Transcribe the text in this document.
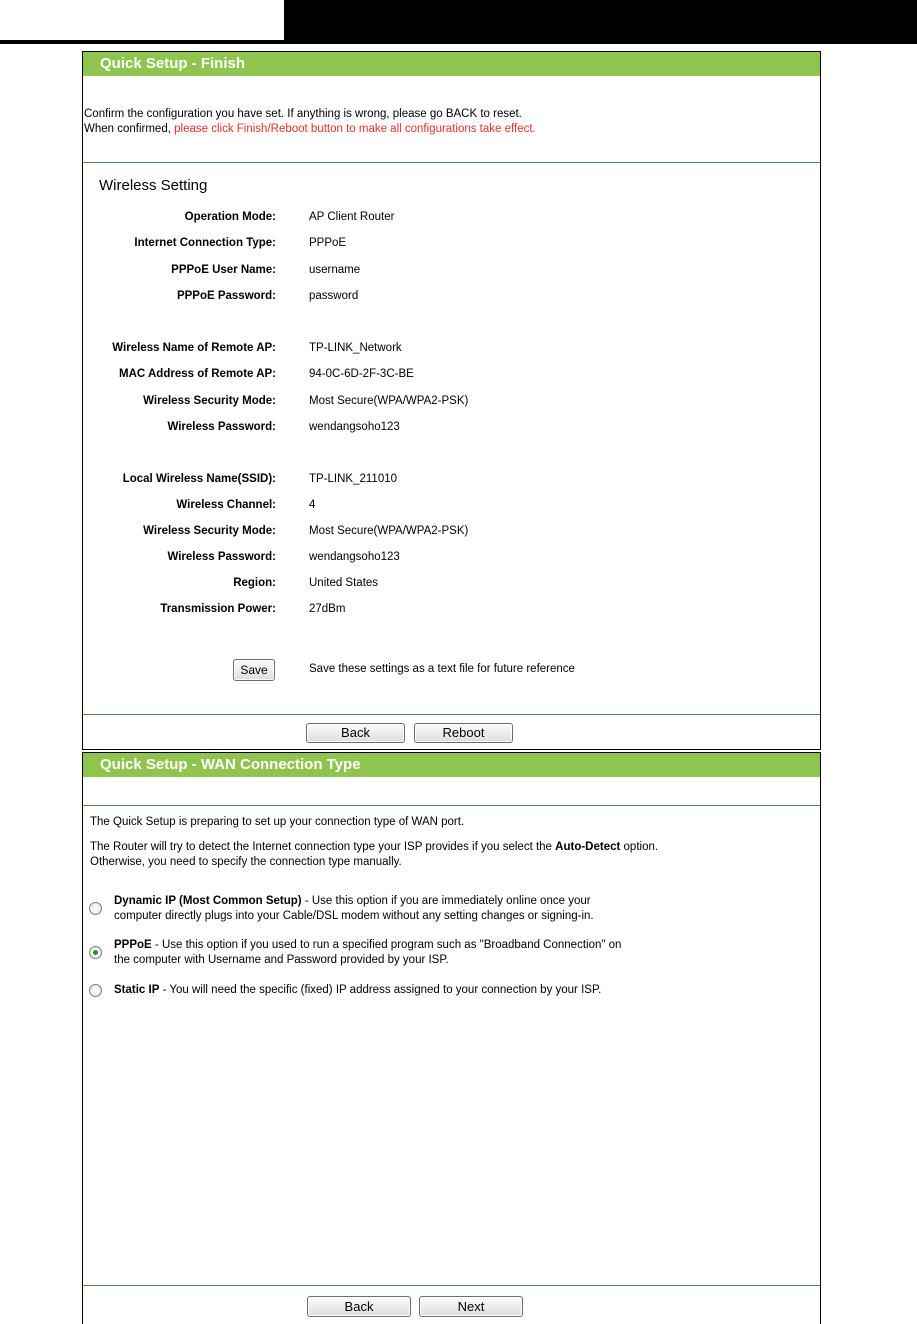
Quick Setup - Finish
Confirm the configuration you have set. If anything is wrong, please go BACK to reset.
When confirmed, please click Finish/Reboot button to make all configurations take effect.
Wireless Setting
Operation Mode:	AP Client Router
Internet Connection Type:	PPPoE
PPPoE User Name:	username
PPPoE Password:	password
Wireless Name of Remote AP:	TP-LINK_Network
MAC Address of Remote AP:	94-0C-6D-2F-3C-BE
Wireless Security Mode:	Most Secure(WPA/WPA2-PSK)
Wireless Password:	wendangsoho123
Local Wireless Name(SSID):	TP-LINK_211010
Wireless Channel:	4
Wireless Security Mode:	Most Secure(WPA/WPA2-PSK)
Wireless Password:	wendangsoho123
Region:	United States
Transmission Power:	27dBm
Save	Save these settings as a text file for future reference
Back	Reboot
Quick Setup - WAN Connection Type
The Quick Setup is preparing to set up your connection type of WAN port.
The Router will try to detect the Internet connection type your ISP provides if you select the Auto-Detect option.
Otherwise, you need to specify the connection type manually.
Dynamic IP (Most Common Setup) - Use this option if you are immediately online once your
computer directly plugs into your Cable/DSL modem without any setting changes or signing-in.
PPPoE - Use this option if you used to run a specified program such as "Broadband Connection" on
the computer with Username and Password provided by your ISP.
Static IP - You will need the specific (fixed) IP address assigned to your connection by your ISP.
Back	Next
